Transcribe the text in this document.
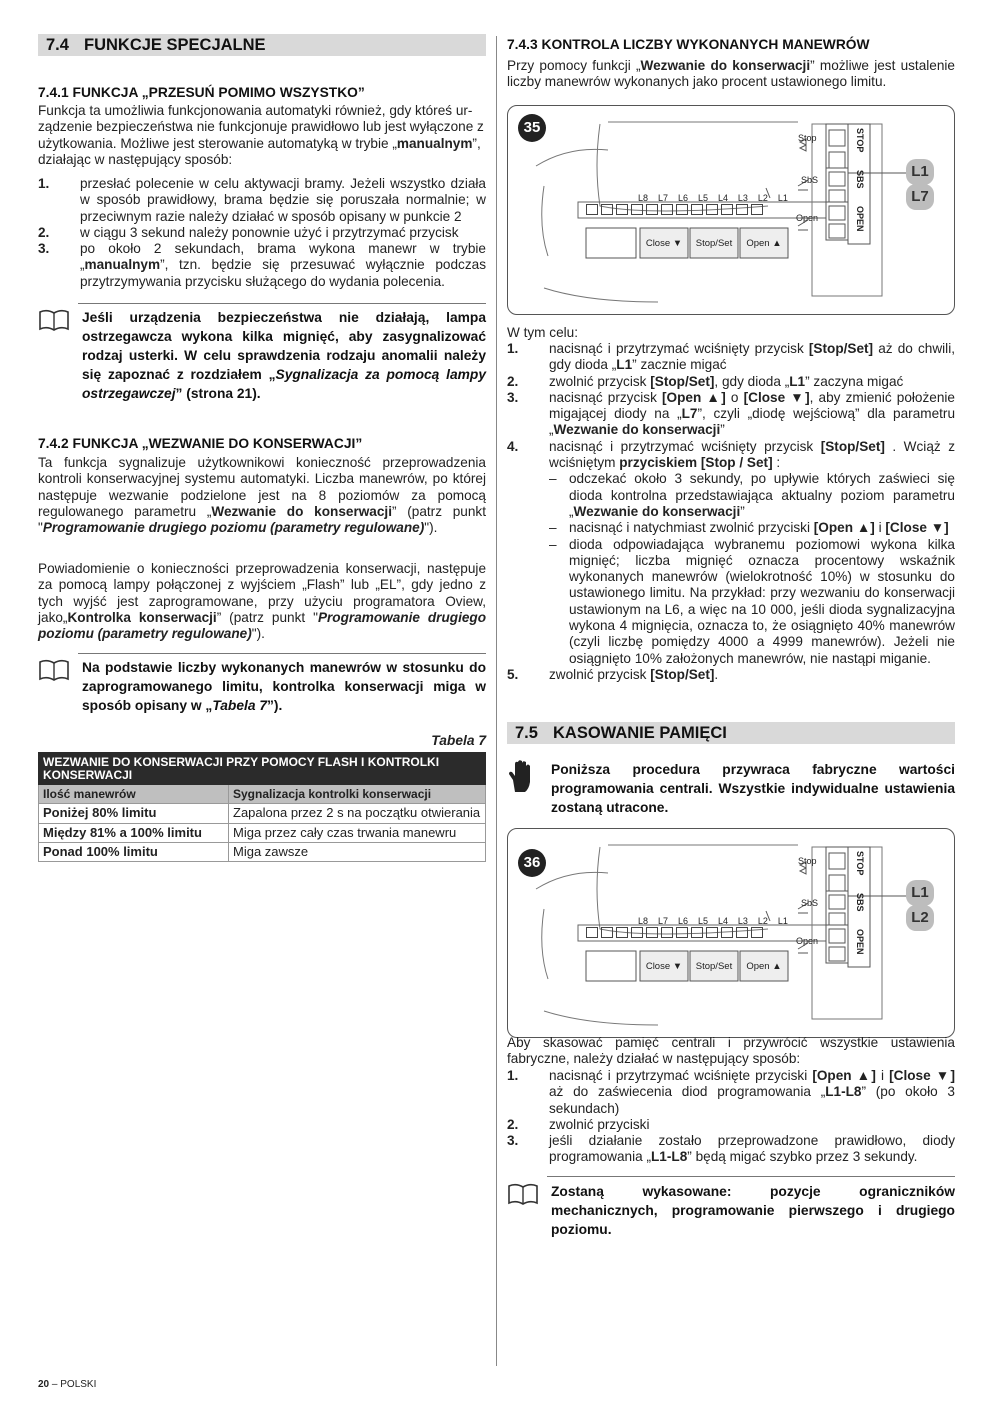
7.4 FUNKCJE SPECJALNE
7.4.1 FUNKCJA „PRZESUŃ POMIMO WSZYSTKO”
Funkcja ta umożliwia funkcjonowania automatyki również, gdy któreś ur-
ządzenie bezpieczeństwa nie funkcjonuje prawidłowo lub jest wyłączone z
użytkowania. Możliwe jest sterowanie automatyką w trybie „manualnym”,
działając w następujący sposób:
1.	przesłać polecenie w celu aktywacji bramy. Jeżeli wszystko działa w sposób prawidłowy, brama będzie się poruszała normalnie; w przeciwnym razie należy działać w sposób opisany w punkcie 2
2.	w ciągu 3 sekund należy ponownie użyć i przytrzymać przycisk
3.	po około 2 sekundach, brama wykona manewr w trybie „manualnym”, tzn. będzie się przesuwać wyłącznie podczas przytrzymywania przycisku służącego do wydania polecenia.
Jeśli urządzenia bezpieczeństwa nie działają, lampa ostrzegawcza wykona kilka mignięć, aby zasygnalizować rodzaj usterki. W celu sprawdzenia rodzaju anomalii należy się zapoznać z rozdziałem „Sygnalizacja za pomocą lampy ostrzegawczej” (strona 21).
7.4.2 FUNKCJA „WEZWANIE DO KONSERWACJI”

Ta funkcja sygnalizuje użytkownikowi konieczność przeprowadzenia kontroli konserwacyjnej systemu automatyki. Liczba manewrów, po której następuje wezwanie podzielone jest na 8 poziomów za pomocą regulowanego parametru „Wezwanie do konserwacji” (patrz punkt "Programowanie drugiego poziomu (parametry regulowane)").

Powiadomienie o konieczności przeprowadzenia konserwacji, następuje za pomocą lampy połączonej z wyjściem „Flash” lub „EL”, gdy jedno z tych wyjść jest zaprogramowane, przy użyciu programatora Oview, jako„Kontrolka konserwacji” (patrz punkt "Programowanie drugiego poziomu (parametry regulowane)").

Na podstawie liczby wykonanych manewrów w stosunku do zaprogramowanego limitu, kontrolka konserwacji miga w sposób opisany w „Tabela 7”).
Tabela 7
WEZWANIE DO KONSERWACJI PRZY POMOCY FLASH I KONTROLKI KONSERWACJI	
Ilość manewrów	Sygnalizacja kontrolki konserwacji
Poniżej 80% limitu	Zapalona przez 2 s na początku otwierania
Między 81% a 100% limitu	Miga przez cały czas trwania manewru
Ponad 100% limitu	Miga zawsze
7.4.3 KONTROLA LICZBY WYKONANYCH MANEWRÓW

Przy pomocy funkcji „Wezwanie do konserwacji” możliwe jest ustalenie liczby manewrów wykonanych jako procent ustawionego limitu.

35
Stop
SbS
Open
STOP
SBS
OPEN
L8 L7 L6 L5 L4 L3 L2 L1
Close ▼	Stop/Set	Open ▲
L1
L7
W tym celu:
1.	nacisnąć i przytrzymać wciśnięty przycisk [Stop/Set] aż do chwili, gdy dioda „L1” zacznie migać
2.	zwolnić przycisk [Stop/Set], gdy dioda „L1” zaczyna migać
3.	nacisnąć przycisk [Open ▲] o [Close ▼], aby zmienić położenie migającej diody na „L7”, czyli „diodę wejściową” dla parametru „Wezwanie do konserwacji”
4.	nacisnąć i przytrzymać wciśnięty przycisk [Stop/Set] . Wciąż z wciśniętym przyciskiem [Stop / Set] :
– odczekać około 3 sekundy, po upływie których zaświeci się dioda kontrolna przedstawiająca aktualny poziom parametru „Wezwanie do konserwacji”
– nacisnąć i natychmiast zwolnić przyciski [Open ▲] i [Close ▼]
– dioda odpowiadająca wybranemu poziomowi wykona kilka mignięć; liczba mignięć oznacza procentowy wskaźnik wykonanych manewrów (wielokrotność 10%) w stosunku do ustawionego limitu. Na przykład: przy wezwaniu do konserwacji ustawionym na L6, a więc na 10 000, jeśli dioda sygnalizacyjna wykona 4 mignięcia, oznacza to, że osiągnięto 40% manewrów (czyli liczbę pomiędzy 4000 a 4999 manewrów). Jeżeli nie osiągnięto 10% założonych manewrów, nie nastąpi miganie.
5.	zwolnić przycisk [Stop/Set].
7.5 KASOWANIE PAMIĘCI
Poniższa procedura przywraca fabryczne wartości programowania centrali. Wszystkie indywidualne ustawienia zostaną utracone.
36	Stop
SbS
Open
STOP
SBS
OPEN
L8 L7 L6 L5 L4 L3 L2 L1
Close ▼	Stop/Set	Open ▲
L1
L2

Aby skasować pamięć centrali i przywrócić wszystkie ustawienia fabryczne, należy działać w następujący sposób:

1.	nacisnąć i przytrzymać wciśnięte przyciski [Open ▲] i [Close ▼] aż do zaświecenia diod programowania „L1-L8” (po około 3 sekundach)
2.	zwolnić przyciski
3.	jeśli działanie zostało przeprowadzone prawidłowo, diody programowania „L1-L8” będą migać szybko przez 3 sekundy.
Zostaną wykasowane: pozycje ograniczników mechanicznych, programowanie pierwszego i drugiego poziomu.
20 – POLSKI
